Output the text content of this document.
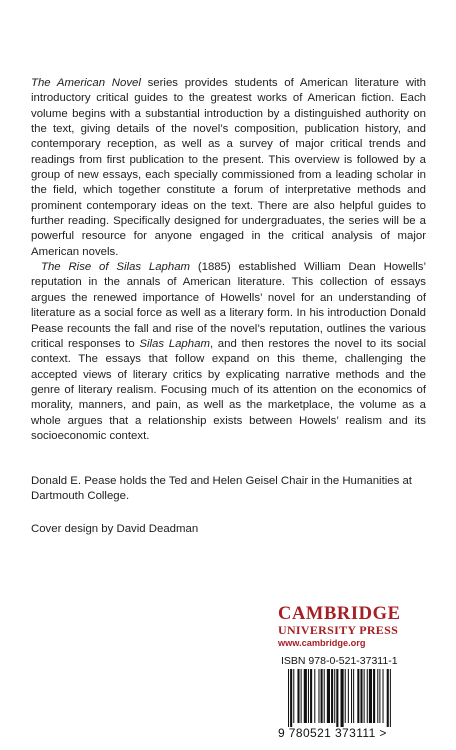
The American Novel series provides students of American literature with introductory critical guides to the greatest works of American fiction. Each volume begins with a substantial introduction by a distinguished authority on the text, giving details of the novel’s composition, publication history, and contemporary reception, as well as a survey of major critical trends and readings from first publication to the present. This overview is followed by a group of new essays, each specially commissioned from a leading scholar in the field, which together constitute a forum of interpretative methods and prominent contemporary ideas on the text. There are also helpful guides to further reading. Specifically designed for undergraduates, the series will be a powerful resource for anyone engaged in the critical analysis of major American novels.

The Rise of Silas Lapham (1885) established William Dean Howells’ reputation in the annals of American literature. This collection of essays argues the renewed importance of Howells’ novel for an understanding of literature as a social force as well as a literary form. In his introduction Donald Pease recounts the fall and rise of the novel’s reputation, outlines the various critical responses to Silas Lapham, and then restores the novel to its social context. The essays that follow expand on this theme, challenging the accepted views of literary critics by explicating narrative methods and the genre of literary realism. Focusing much of its attention on the economics of morality, manners, and pain, as well as the marketplace, the volume as a whole argues that a relationship exists between Howels’ realism and its socioeconomic context.

Donald E. Pease holds the Ted and Helen Geisel Chair in the Humanities at Dartmouth College.
Cover design by David Deadman
CAMBRIDGE
UNIVERSITY PRESS
www.cambridge.org
ISBN 978-0-521-37311-1
9 780521 373111 >
